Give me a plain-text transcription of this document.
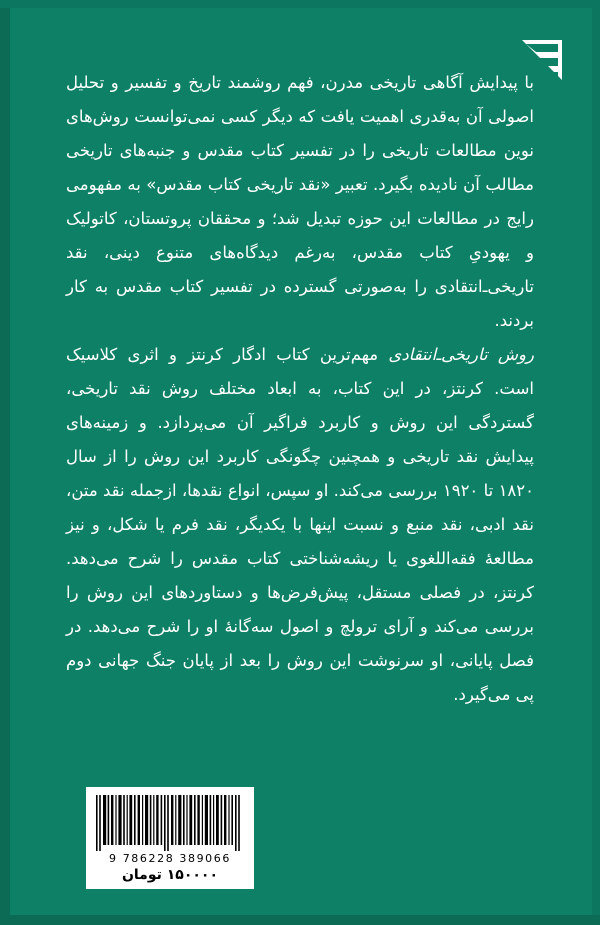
با پیدایش آگاهی تاریخی مدرن، فهم روشمند تاریخ و تفسیر و تحلیل اصولی آن به‌قدری اهمیت یافت که دیگر کسی نمی‌توانست روش‌های نوین مطالعات تاریخی را در تفسیر کتاب مقدس و جنبه‌های تاریخی مطالب آن نادیده بگیرد. تعبیر «نقد تاریخی کتاب مقدس» به مفهومی رایج در مطالعات این حوزه تبدیل شد؛ و محققان پروتستان، کاتولیک و یهودیِ کتاب مقدس، به‌رغم دیدگاه‌های متنوع دینی، نقد تاریخی‌ـ‌انتقادی را به‌صورتی گسترده در تفسیر کتاب مقدس به کار بردند.

روش تاریخی‌ـ‌انتقادی مهم‌ترین کتاب ادگار کرنتز و اثری کلاسیک است. کرنتز، در این کتاب، به ابعاد مختلف روش نقد تاریخی، گستردگی این روش و کاربرد فراگیر آن می‌پردازد. و زمینه‌های پیدایش نقد تاریخی و همچنین چگونگی کاربرد این روش را از سال ۱۸۲۰ تا ۱۹۲۰ بررسی می‌کند. او سپس، انواع نقدها، ازجمله نقد متن، نقد ادبی، نقد منبع و نسبت اینها با یکدیگر، نقد فرم یا شکل، و نیز مطالعهٔ فقه‌اللغوی یا ریشه‌شناختی کتاب مقدس را شرح می‌دهد. کرنتز، در فصلی مستقل، پیش‌فرض‌ها و دستاوردهای این روش را بررسی می‌کند و آرای ترولچ و اصول سه‌گانهٔ او را شرح می‌دهد. در فصل پایانی، او سرنوشت این روش را بعد از پایان جنگ جهانی دوم پی می‌گیرد.

9 786228 389066
۱۵۰۰۰۰ تومان
